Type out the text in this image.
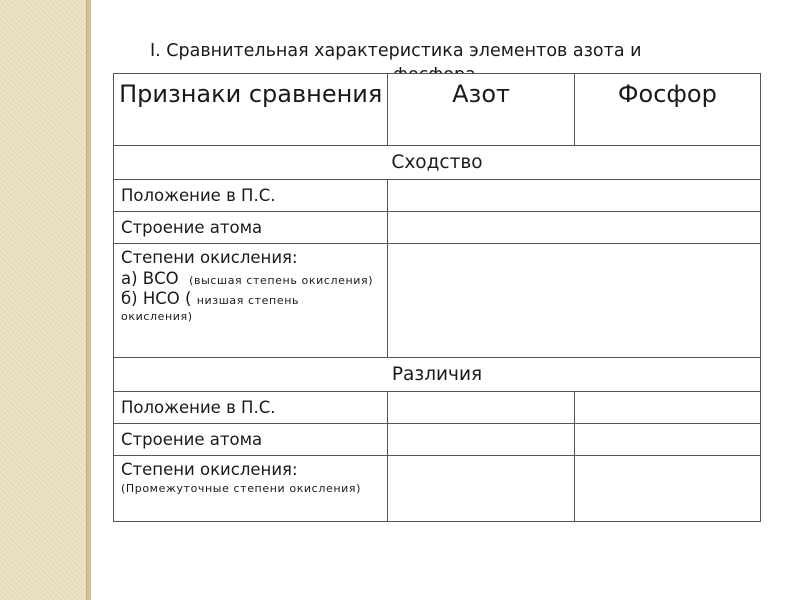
I. Сравнительная характеристика элементов азота и
Признаки сравнения	Азот	Фосфор

Сходство		
Положение в П.С.		
Строение атома		

Степени окисления:
а) ВСО (высшая степень окисления)
б) НСО ( низшая степень
окисления)		

Различия		
Положение в П.С.		
Строение атома		

Степени окисления:
(Промежуточные степени окисления)		
